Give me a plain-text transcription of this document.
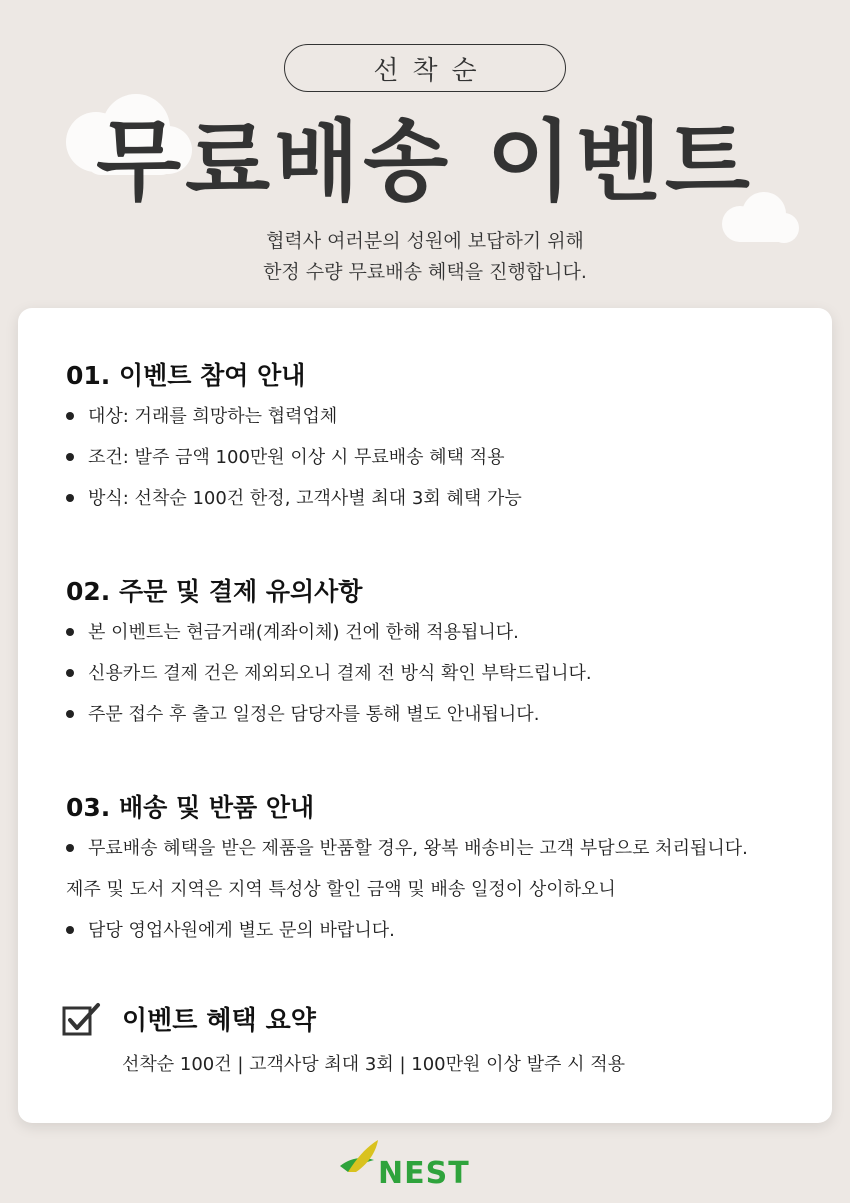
선착순
무료배송 이벤트
협력사 여러분의 성원에 보답하기 위해
한정 수량 무료배송 혜택을 진행합니다.
01. 이벤트 참여 안내
대상: 거래를 희망하는 협력업체
조건: 발주 금액 100만원 이상 시 무료배송 혜택 적용
방식: 선착순 100건 한정, 고객사별 최대 3회 혜택 가능
02. 주문 및 결제 유의사항
본 이벤트는 현금거래(계좌이체) 건에 한해 적용됩니다.
신용카드 결제 건은 제외되오니 결제 전 방식 확인 부탁드립니다.
주문 접수 후 출고 일정은 담당자를 통해 별도 안내됩니다.
03. 배송 및 반품 안내
무료배송 혜택을 받은 제품을 반품할 경우, 왕복 배송비는 고객 부담으로 처리됩니다.
제주 및 도서 지역은 지역 특성상 할인 금액 및 배송 일정이 상이하오니
담당 영업사원에게 별도 문의 바랍니다.
이벤트 혜택 요약
선착순 100건 | 고객사당 최대 3회 | 100만원 이상 발주 시 적용
NEST
